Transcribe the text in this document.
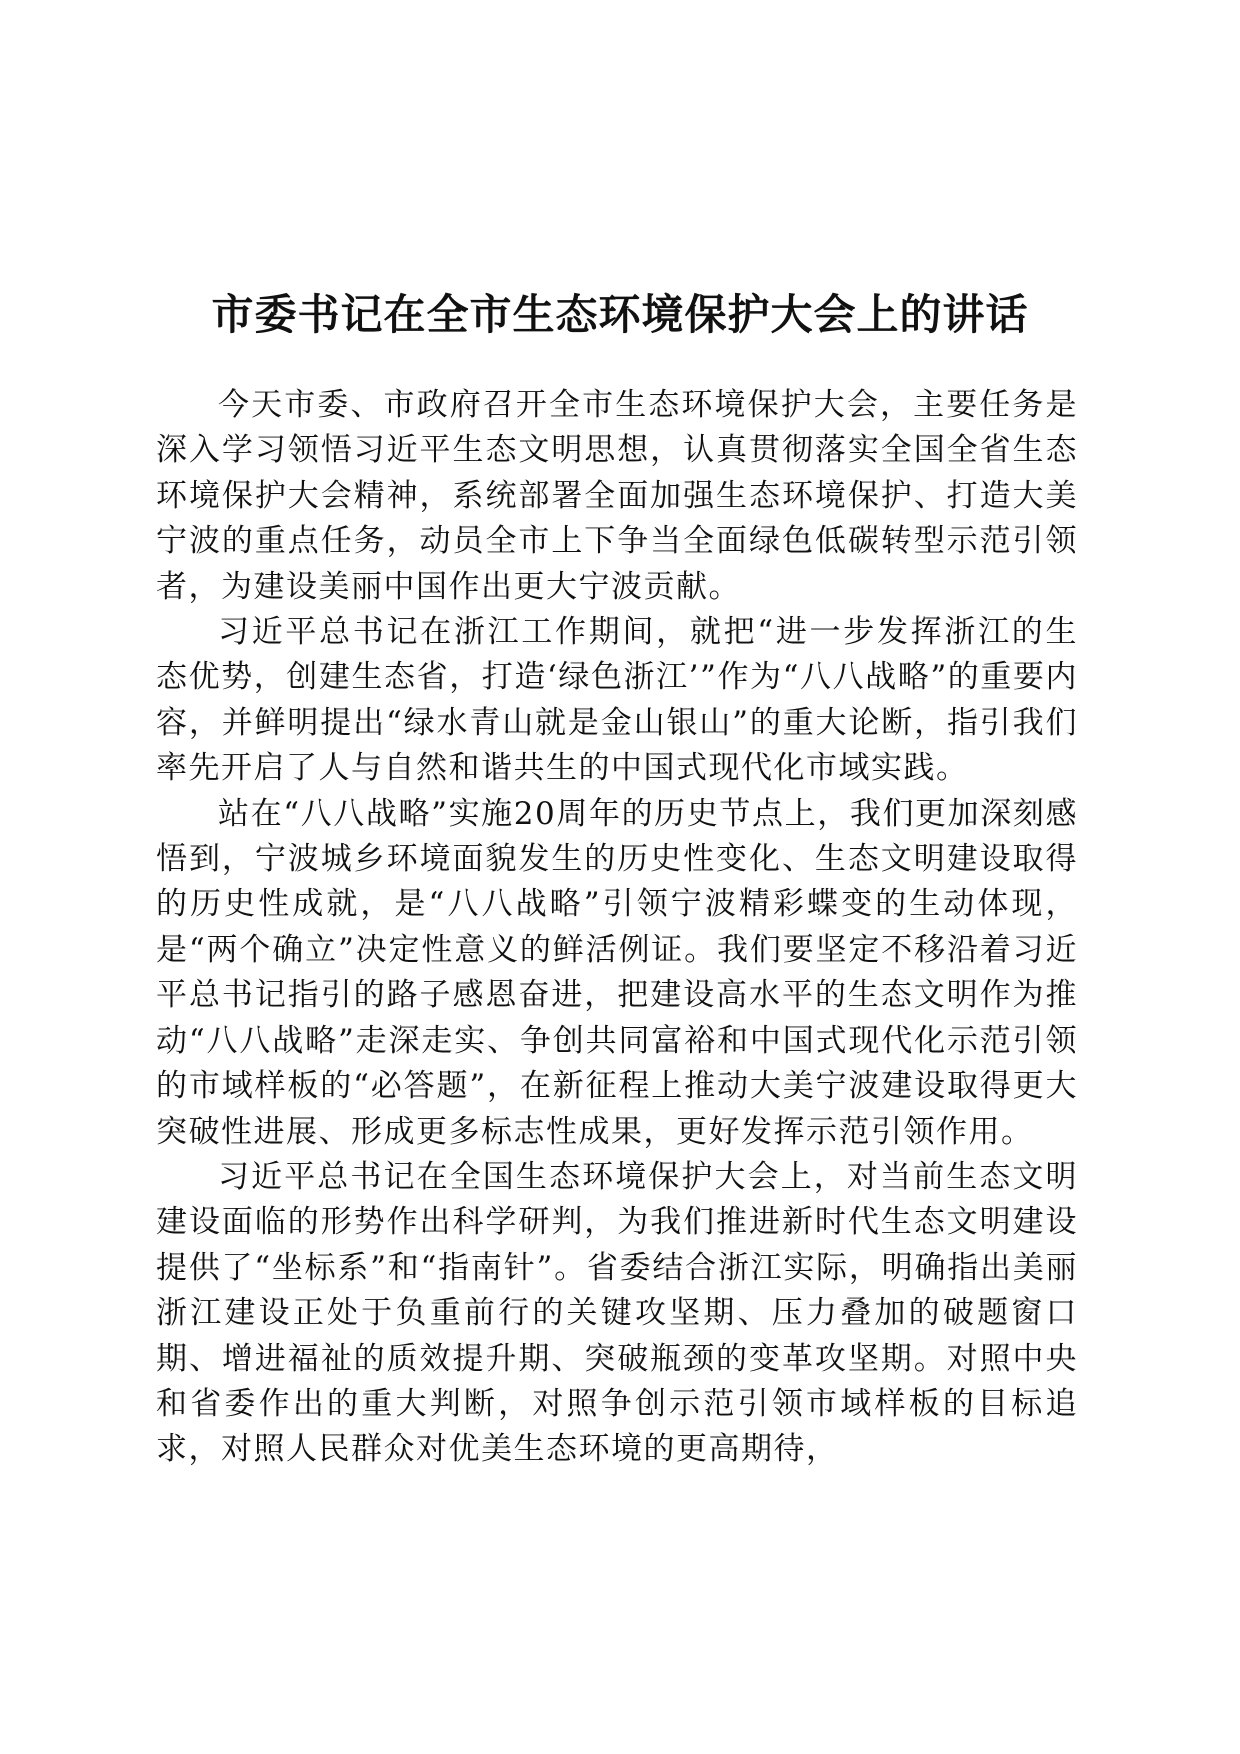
市委书记在全市生态环境保护大会上的讲话

今天市委、市政府召开全市生态环境保护大会，主要任务是深入学习领悟习近平生态文明思想，认真贯彻落实全国全省生态环境保护大会精神，系统部署全面加强生态环境保护、打造大美宁波的重点任务，动员全市上下争当全面绿色低碳转型示范引领者，为建设美丽中国作出更大宁波贡献。

习近平总书记在浙江工作期间，就把“进一步发挥浙江的生态优势，创建生态省，打造‘绿色浙江’”作为“八八战略”的重要内容，并鲜明提出“绿水青山就是金山银山”的重大论断，指引我们率先开启了人与自然和谐共生的中国式现代化市域实践。

站在“八八战略”实施20周年的历史节点上，我们更加深刻感悟到，宁波城乡环境面貌发生的历史性变化、生态文明建设取得的历史性成就，是“八八战略”引领宁波精彩蝶变的生动体现，是“两个确立”决定性意义的鲜活例证。我们要坚定不移沿着习近平总书记指引的路子感恩奋进，把建设高水平的生态文明作为推动“八八战略”走深走实、争创共同富裕和中国式现代化示范引领的市域样板的“必答题”，在新征程上推动大美宁波建设取得更大突破性进展、形成更多标志性成果，更好发挥示范引领作用。

习近平总书记在全国生态环境保护大会上，对当前生态文明建设面临的形势作出科学研判，为我们推进新时代生态文明建设提供了“坐标系”和“指南针”。省委结合浙江实际，明确指出美丽浙江建设正处于负重前行的关键攻坚期、压力叠加的破题窗口期、增进福祉的质效提升期、突破瓶颈的变革攻坚期。对照中央和省委作出的重大判断，对照争创示范引领市域样板的目标追求，对照人民群众对优美生态环境的更高期待，
